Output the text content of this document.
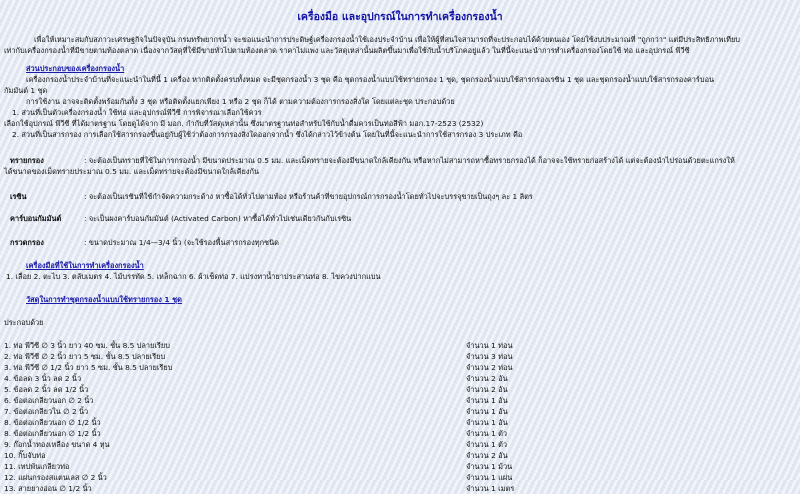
เครื่องมือ และอุปกรณ์ในการทำเครื่องกรองน้ำ

เพื่อให้เหมาะสมกับสภาวะเศรษฐกิจในปัจจุบัน กรมทรัพยากรน้ำ จะขอแนะนำการประดิษฐ์เครื่องกรองน้ำใช้เองประจำบ้าน เพื่อให้ผู้ที่สนใจสามารถที่จะประกอบได้ด้วยตนเอง โดยใช้งบประมาณที่ "ถูกกว่า" แต่มีประสิทธิภาพเทียบ

เท่ากับเครื่องกรองน้ำที่มีขายตามท้องตลาด เนื่องจากวัสดุที่ใช้มีขายทั่วไปตามท้องตลาด ราคาไม่แพง และวัสดุเหล่านั้นผลิตขึ้นมาเพื่อใช้กับน้ำบริโภคอยู่แล้ว ในที่นี้จะแนะนำการทำเครื่องกรองโดยใช้ ท่อ และอุปกรณ์ พีวีซี
ส่วนประกอบของเครื่องกรองน้ำ
เครื่องกรองน้ำประจำบ้านที่จะแนะนำในที่นี้ 1 เครื่อง หากติดตั้งครบทั้งหมด จะมีชุดกรองน้ำ 3 ชุด คือ ชุดกรองน้ำแบบใช้ทรายกรอง 1 ชุด, ชุดกรองน้ำแบบใช้สารกรองเรซิน 1 ชุด และชุดกรองน้ำแบบใช้สารกรองคาร์บอน
กัมมันต์ 1 ชุด
การใช้งาน อาจจะติดตั้งพร้อมกันทั้ง 3 ชุด หรือติดตั้งแยกเพียง 1 หรือ 2 ชุด ก็ได้ ตามความต้องการกรองสิ่งใด โดยแต่ละชุด ประกอบด้วย
1. ส่วนที่เป็นตัวเครื่องกรองน้ำ ใช้ท่อ และอุปกรณ์พีวีซี การพิจารณาเลือกใช้ควร
เลือกใช้อุปกรณ์ พีวีซี ที่ได้มาตรฐาน โดยดูได้จาก มี มอก. กำกับที่วัสดุเหล่านั้น ซึ่งมาตรฐานท่อสำหรับใช้กับน้ำดื่มควรเป็นท่อสีฟ้า มอก.17-2523 (2532)
2. ส่วนที่เป็นสารกรอง การเลือกใช้สารกรองขึ้นอยู่กับผู้ใช้ว่าต้องการกรองสิ่งใดออกจากน้ำ ซึ่งได้กล่าวไว้ข้างต้น โดยในที่นี้จะแนะนำการใช้สารกรอง 3 ประเภท คือ
ทรายกรอง	: จะต้องเป็นทรายที่ใช้ในการกรองน้ำ มีขนาดประมาณ 0.5 มม. และเม็ดทรายจะต้องมีขนาดใกล้เคียงกัน หรือหากไม่สามารถหาซื้อทรายกรองได้ ก็อาจจะใช้ทรายก่อสร้างได้ แต่จะต้องนำไปร่อนด้วยตะแกรงให้
ได้ขนาดของเม็ดทรายประมาณ 0.5 มม. และเม็ดทรายจะต้องมีขนาดใกล้เคียงกัน
เรซิน	: จะต้องเป็นเรซินที่ใช้กำจัดความกระด้าง หาซื้อได้ทั่วไปตามท้อง หรือร้านค้าที่ขายอุปกรณ์การกรองน้ำโดยทั่วไปจะบรรจุขายเป็นถุงๆ ละ 1 ลิตร
คาร์บอนกัมมันต์	: จะเป็นผงคาร์บอนกัมมันต์ (Activated Carbon) หาซื้อได้ทั่วไปเช่นเดียวกันกับเรซิน
กรวดกรอง	: ขนาดประมาณ 1/4—3/4 นิ้ว (จะใช้รองพื้นสารกรองทุกชนิด
เครื่องมือที่ใช้ในการทำเครื่องกรองน้ำ
1. เลื่อย 2. ตะไบ 3. ตลับเมตร 4. ไม้บรรทัด 5. เหล็กฉาก 6. ผ้าเช็ดท่อ 7. แปรงทาน้ำยาประสานท่อ 8. ไขควงปากแบน
วัสดุในการทำชุดกรองน้ำแบบใช้ทรายกรอง 1 ชุด
ประกอบด้วย
1. ท่อ พีวีซี ∅ 3 นิ้ว ยาว 40 ซม. ชั้น 8.5 ปลายเรียบ	จำนวน 1 ท่อน
2. ท่อ พีวีซี ∅ 2 นิ้ว ยาว 5 ซม. ชั้น 8.5 ปลายเรียบ	จำนวน 3 ท่อน
3. ท่อ พีวีซี ∅ 1/2 นิ้ว ยาว 5 ซม. ชั้น 8.5 ปลายเรียบ	จำนวน 2 ท่อน
4. ข้อลด 3 นิ้ว ลด 2 นิ้ว	จำนวน 2 อัน
5. ข้อลด 2 นิ้ว ลด 1/2 นิ้ว	จำนวน 2 อัน
6. ข้อต่อเกลียวนอก ∅ 2 นิ้ว	จำนวน 1 อัน
7. ข้อต่อเกลียวใน ∅ 2 นิ้ว	จำนวน 1 อัน
8. ข้อต่อเกลียวนอก ∅ 1/2 นิ้ว	จำนวน 1 อัน
8. ข้อต่อเกลียวนอก ∅ 1/2 นิ้ว	จำนวน 1 ตัว
9. ก๊อกน้ำทองเหลือง ขนาด 4 หุน	จำนวน 1 ตัว
10. กิ๊บจับท่อ	จำนวน 2 อัน
11. เทปพันเกลียวท่อ	จำนวน 1 ม้วน
12. แผ่นกรองสแตนเลส ∅ 2 นิ้ว	จำนวน 1 แผ่น
13. สายยางอ่อน ∅ 1/2 นิ้ว	จำนวน 1 เมตร
